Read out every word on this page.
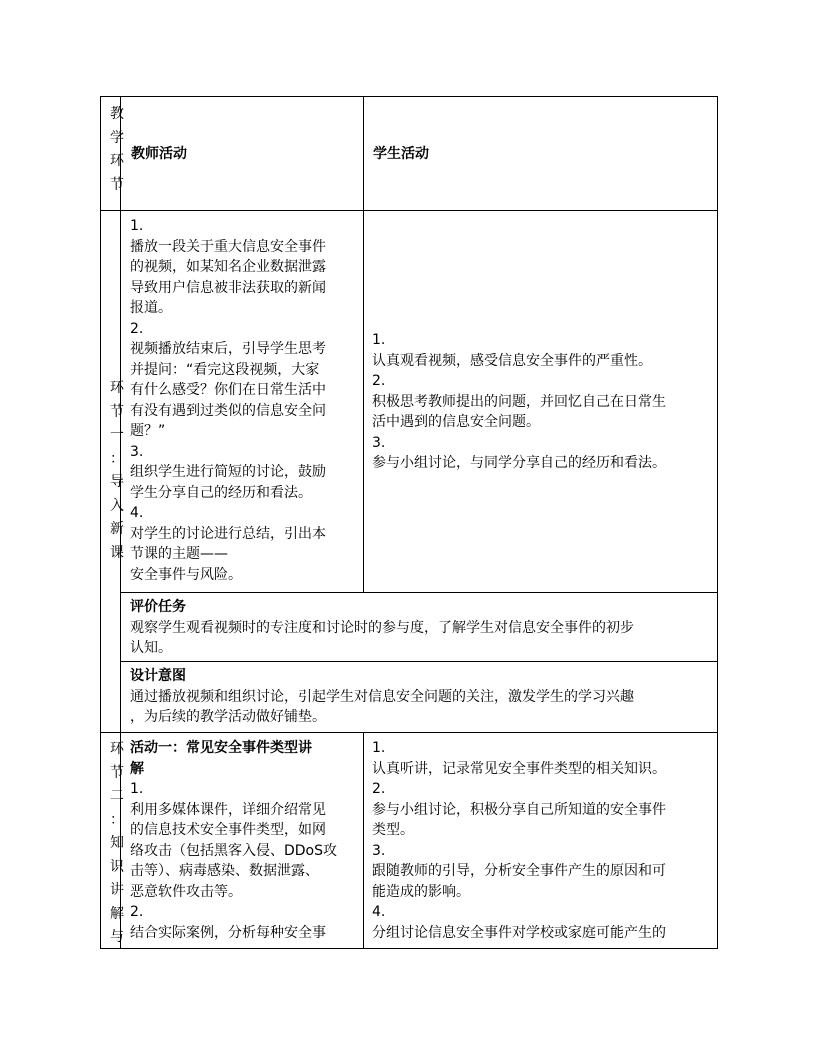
教
学
环
节
教师活动	学生活动
环
节
一
：
导
入
新
课

1.

播放一段关于重大信息安全事件

的视频，如某知名企业数据泄露

导致用户信息被非法获取的新闻

报道。

2.

视频播放结束后，引导学生思考

并提问：“看完这段视频，大家

有什么感受？你们在日常生活中

有没有遇到过类似的信息安全问

题？”

3.

组织学生进行简短的讨论，鼓励

学生分享自己的经历和看法。

4.

对学生的讨论进行总结，引出本

节课的主题——

安全事件与风险。

1.

认真观看视频，感受信息安全事件的严重性。

2.

积极思考教师提出的问题，并回忆自己在日常生

活中遇到的信息安全问题。

3.

参与小组讨论，与同学分享自己的经历和看法。

评价任务

观察学生观看视频时的专注度和讨论时的参与度，了解学生对信息安全事件的初步

认知。

设计意图

通过播放视频和组织讨论，引起学生对信息安全问题的关注，激发学生的学习兴趣

，为后续的教学活动做好铺垫。

环
节
二
：
知
识
讲
解
与

活动一：常见安全事件类型讲

解

1.

利用多媒体课件，详细介绍常见

的信息技术安全事件类型，如网

络攻击（包括黑客入侵、DDoS攻

击等）、病毒感染、数据泄露、

恶意软件攻击等。

2.

结合实际案例，分析每种安全事

1.

认真听讲，记录常见安全事件类型的相关知识。

2.

参与小组讨论，积极分享自己所知道的安全事件

类型。

3.

跟随教师的引导，分析安全事件产生的原因和可

能造成的影响。

4.

分组讨论信息安全事件对学校或家庭可能产生的
